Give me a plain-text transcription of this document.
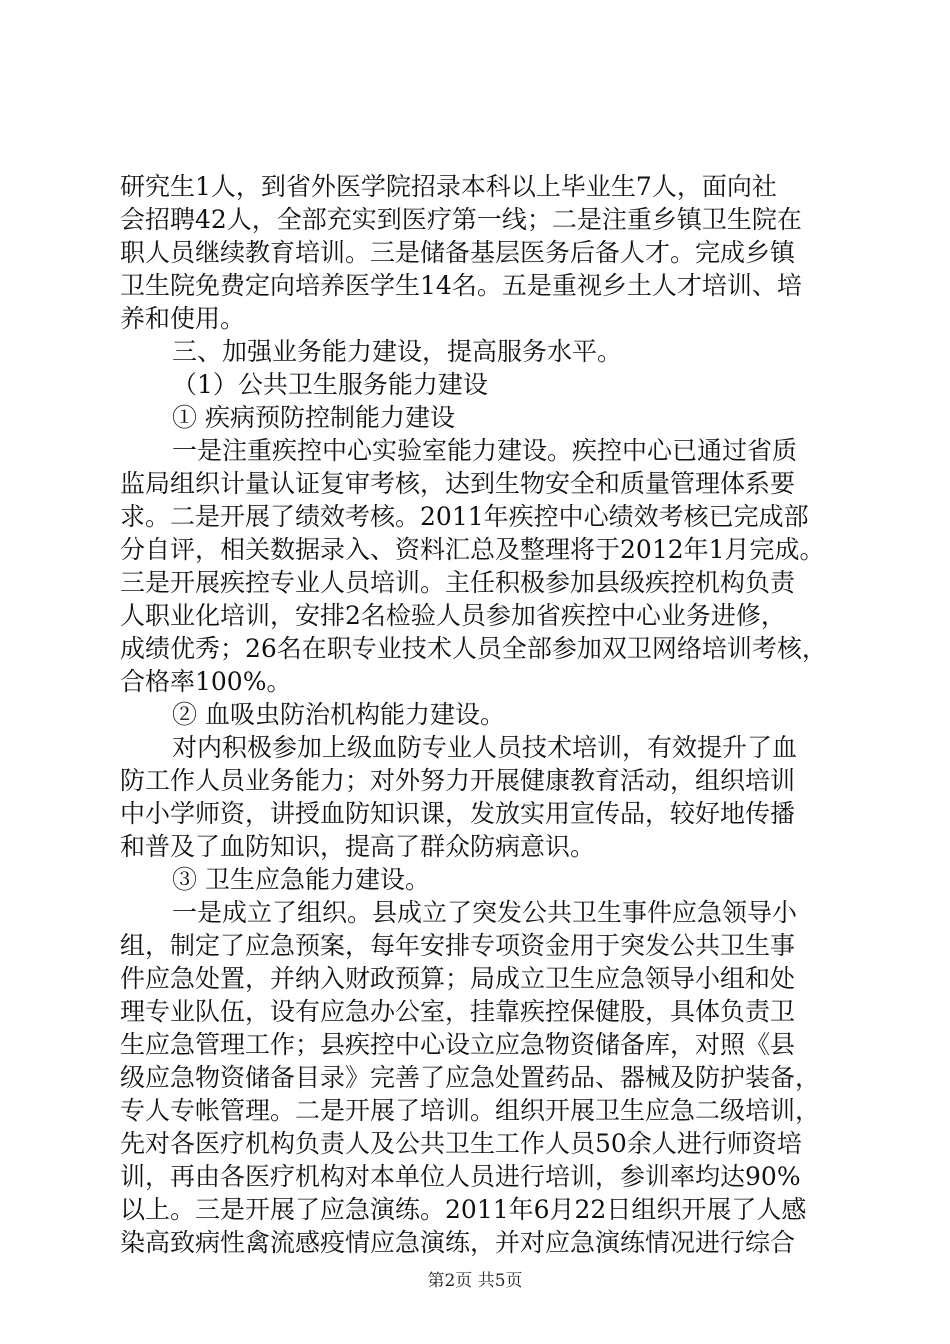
研究生1人，到省外医学院招录本科以上毕业生7人，面向社
会招聘42人，全部充实到医疗第一线；二是注重乡镇卫生院在
职人员继续教育培训。三是储备基层医务后备人才。完成乡镇
卫生院免费定向培养医学生14名。五是重视乡土人才培训、培
养和使用。
三、加强业务能力建设，提高服务水平。
（1）公共卫生服务能力建设
① 疾病预防控制能力建设
一是注重疾控中心实验室能力建设。疾控中心已通过省质
监局组织计量认证复审考核，达到生物安全和质量管理体系要
求。二是开展了绩效考核。2011年疾控中心绩效考核已完成部
分自评，相关数据录入、资料汇总及整理将于2012年1月完成。
三是开展疾控专业人员培训。主任积极参加县级疾控机构负责
人职业化培训，安排2名检验人员参加省疾控中心业务进修，
成绩优秀；26名在职专业技术人员全部参加双卫网络培训考核，
合格率100%。
② 血吸虫防治机构能力建设。
对内积极参加上级血防专业人员技术培训，有效提升了血
防工作人员业务能力；对外努力开展健康教育活动，组织培训
中小学师资，讲授血防知识课，发放实用宣传品，较好地传播
和普及了血防知识，提高了群众防病意识。
③ 卫生应急能力建设。
一是成立了组织。县成立了突发公共卫生事件应急领导小
组，制定了应急预案，每年安排专项资金用于突发公共卫生事
件应急处置，并纳入财政预算；局成立卫生应急领导小组和处
理专业队伍，设有应急办公室，挂靠疾控保健股，具体负责卫
生应急管理工作；县疾控中心设立应急物资储备库，对照《县
级应急物资储备目录》完善了应急处置药品、器械及防护装备，
专人专帐管理。二是开展了培训。组织开展卫生应急二级培训，
先对各医疗机构负责人及公共卫生工作人员50余人进行师资培
训，再由各医疗机构对本单位人员进行培训，参训率均达90%
以上。三是开展了应急演练。2011年6月22日组织开展了人感
染高致病性禽流感疫情应急演练，并对应急演练情况进行综合
第2页 共5页
